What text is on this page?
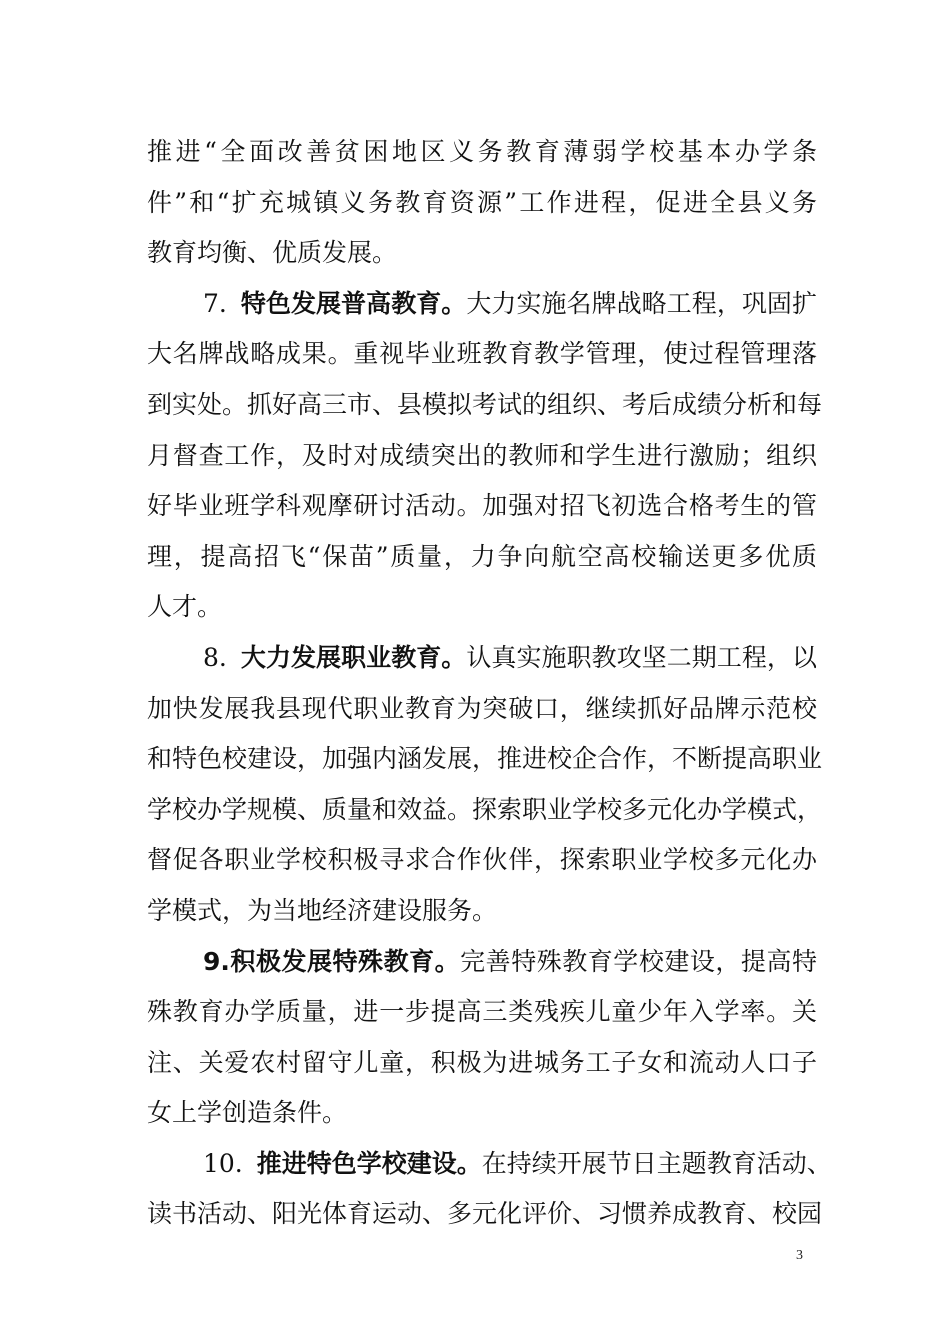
推进“全面改善贫困地区义务教育薄弱学校基本办学条
件”和“扩充城镇义务教育资源”工作进程，促进全县义务
教育均衡、优质发展。
7. 特色发展普高教育。大力实施名牌战略工程，巩固扩
大名牌战略成果。重视毕业班教育教学管理，使过程管理落
到实处。抓好高三市、县模拟考试的组织、考后成绩分析和每
月督查工作，及时对成绩突出的教师和学生进行激励；组织
好毕业班学科观摩研讨活动。加强对招飞初选合格考生的管
理，提高招飞“保苗”质量，力争向航空高校输送更多优质
人才。
8. 大力发展职业教育。认真实施职教攻坚二期工程，以
加快发展我县现代职业教育为突破口，继续抓好品牌示范校
和特色校建设，加强内涵发展，推进校企合作，不断提高职业
学校办学规模、质量和效益。探索职业学校多元化办学模式，
督促各职业学校积极寻求合作伙伴，探索职业学校多元化办
学模式，为当地经济建设服务。
9.积极发展特殊教育。完善特殊教育学校建设，提高特
殊教育办学质量，进一步提高三类残疾儿童少年入学率。关
注、关爱农村留守儿童，积极为进城务工子女和流动人口子
女上学创造条件。
10. 推进特色学校建设。在持续开展节日主题教育活动、
读书活动、阳光体育运动、多元化评价、习惯养成教育、校园
3
